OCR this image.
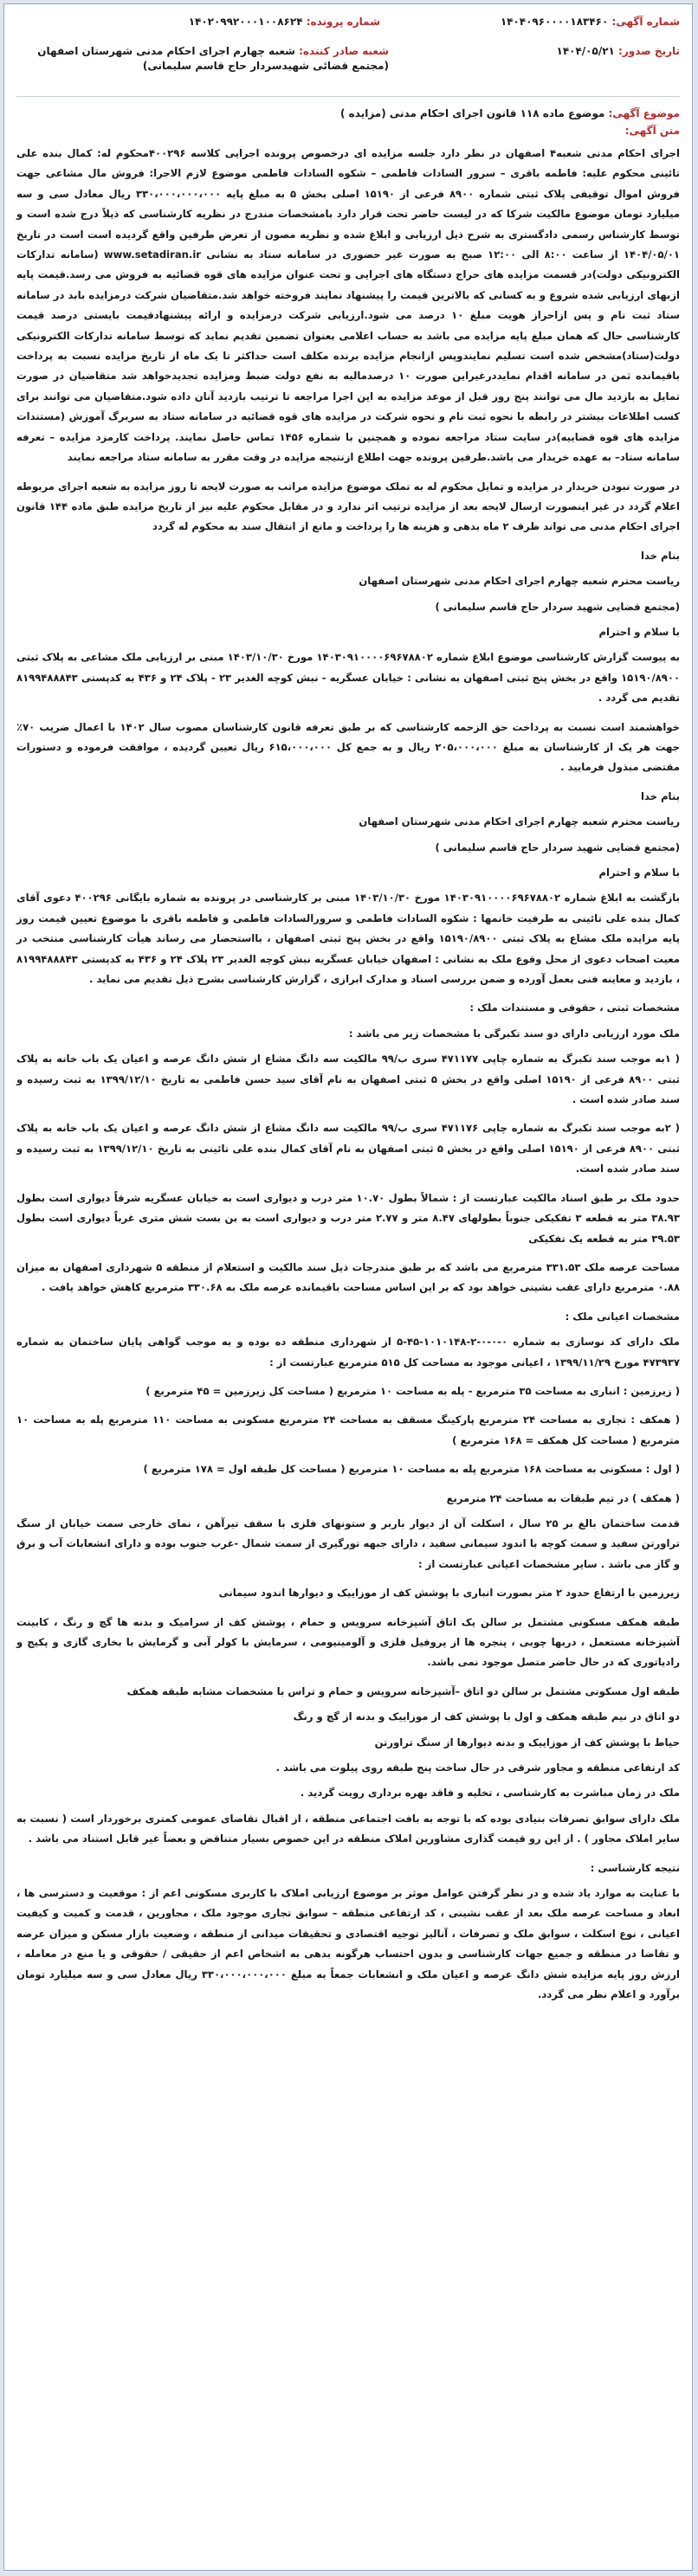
شماره آگهی: ۱۴۰۴۰۹۶۰۰۰۰۱۸۳۴۶۰
تاریخ صدور: ۱۴۰۴/۰۵/۲۱
شماره پرونده: ۱۴۰۲۰۹۹۲۰۰۰۱۰۰۸۶۲۴
شعبه صادر کننده: شعبه چهارم اجرای احکام مدنی شهرستان اصفهان (مجتمع قضائی شهیدسردار حاج قاسم سلیمانی)
موضوع آگهی: موضوع ماده ۱۱۸ قانون اجرای احکام مدنی (مزایده )
متن آگهی:
اجرای احکام مدنی شعبه۴ اصفهان در نظر دارد جلسه مزایده ای درخصوص پرونده اجرایی کلاسه ۴۰۰۲۹۶محکوم له: کمال بنده علی تائینی محکوم علیه: فاطمه باقری – سرور السادات فاطمی – شکوه السادات فاطمی موضوع لازم الاجرا: فروش مال مشاعی جهت فروش اموال توقیفی پلاک ثبتی شماره ۸۹۰۰ فرعی از ۱۵۱۹۰ اصلی بخش ۵ به مبلغ پایه ۳۳۰،۰۰۰،۰۰۰،۰۰۰ ریال معادل سی و سه میلیارد تومان موضوع مالکیت شرکا که در لیست حاضر تحت قرار دارد بامشخصات مندرج در نظریه کارشناسی که ذیلاً درج شده است و توسط کارشناس رسمی دادگستری به شرح ذیل ارزیابی و ابلاغ شده و نظریه مصون از تعرض طرفین واقع گردیده است است در تاریخ ۱۴۰۴/۰۵/۰۱ از ساعت ۸:۰۰ الی ۱۲:۰۰ صبح به صورت غیر حضوری در سامانه ستاد به نشانی www.setadiran.ir (سامانه تدارکات الکترونیکی دولت)در قسمت مزایده های حراج دستگاه های اجرایی و تحت عنوان مزایده های قوه قضائیه به فروش می رسد.قیمت پایه ازبهای ارزیابی شده شروع و به کسانی که بالاترین قیمت را پیشنهاد نمایند فروخته خواهد شد.متقاضیان شرکت درمزایده بابد در سامانه ستاد ثبت نام و پس ازاحراز هویت مبلغ ۱۰ درصد می شود.ارزیابی شرکت درمزایده و ارائه پیشنهادقیمت بایستی درصد قیمت کارشناسی حال که همان مبلغ پایه مزایده می باشد به حساب اعلامی بعنوان تضمین تقدیم نماید که توسط سامانه تدارکات الکترونیکی دولت(ستاد)مشخص شده است تسلیم نمایندوپس ازانجام مزایده برنده مکلف است حداکثر تا یک ماه از تاریخ مزایده نسبت به پرداخت باقیمانده ثمن در سامانه اقدام نمایددرغیراین صورت ۱۰ درصدمالیه به نفع دولت ضبط ومزایده تجدیدخواهد شد متقاضیان در صورت تمایل به بازدید مال می توانند پنج روز قبل از موعد مزایده به این اجرا مراجعه تا ترتیب بازدید آنان داده شود.متقاضیان می توانند برای کسب اطلاعات بیشتر در رابطه با نحوه ثبت نام و نحوه شرکت در مزایده های قوه قضائیه در سامانه ستاد به سربرگ آموزش (مستندات مزایده های قوه قضاییه)در سایت ستاد مراجعه نموده و همچنین با شماره ۱۴۵۶ تماس حاصل نمایند. پرداخت کارمزد مزایده – تعرفه سامانه ستاد– به عهده خریدار می باشد.طرفین پرونده جهت اطلاع ازنتیجه مزایده در وقت مقرر به سامانه ستاد مراجعه نمایند
در صورت نبودن خریدار در مزایده و تمایل محکوم له به تملک موضوع مزایده مراتب به صورت لایحه تا روز مزایده به شعبه اجرای مربوطه اعلام گردد در غیر اینصورت ارسال لایحه بعد از مزایده ترتیب اثر ندارد و در مقابل محکوم علیه نیز از تاریخ مزایده طبق ماده ۱۴۴ قانون اجرای احکام مدنی می تواند ظرف ۲ ماه بدهی و هزینه ها را پرداخت و مانع از انتقال سند به محکوم له گردد
بنام خدا
ریاست محترم شعبه چهارم اجرای احکام مدنی شهرستان اصفهان
(مجتمع قضایی شهید سردار حاج قاسم سلیمانی )
با سلام و احترام
به پیوست گزارش کارشناسی موضوع ابلاغ شماره ۱۴۰۳۰۹۱۰۰۰۰۶۹۶۷۸۸۰۲ مورخ ۱۴۰۳/۱۰/۳۰ مبنی بر ارزیابی ملک مشاعی به پلاک ثبتی ۱۵۱۹۰/۸۹۰۰ واقع در بخش پنج ثبتی اصفهان به نشانی : خیابان عسگریه - نبش کوچه الغدیر ۲۳ - پلاک ۲۴ و ۴۳۶ به کدپستی ۸۱۹۹۴۸۸۸۴۳ تقدیم می گردد .
خواهشمند است نسبت به پرداخت حق الزحمه کارشناسی که بر طبق تعرفه قانون کارشناسان مصوب سال ۱۴۰۲ با اعمال ضریب ۷۰٪ جهت هر یک از کارشناسان به مبلغ ۲۰۵،۰۰۰،۰۰۰ ریال و به جمع کل ۶۱۵،۰۰۰،۰۰۰ ریال تعیین گردیده ، موافقت فرموده و دستورات مقتضی مبذول فرمایید .
بنام خدا
ریاست محترم شعبه چهارم اجرای احکام مدنی شهرستان اصفهان
(مجتمع قضایی شهید سردار حاج قاسم سلیمانی )
با سلام و احترام
بازگشت به ابلاغ شماره ۱۴۰۳۰۹۱۰۰۰۰۶۹۶۷۸۸۰۲ مورخ ۱۴۰۳/۱۰/۳۰ مبنی بر کارشناسی در پرونده به شماره بایگانی ۴۰۰۲۹۶ دعوی آقای کمال بنده علی تائینی به طرفیت خانمها : شکوه السادات فاطمی و سرورالسادات فاطمی و فاطمه باقری با موضوع تعیین قیمت روز پایه مزایده ملک مشاع به پلاک ثبتی ۱۵۱۹۰/۸۹۰۰ واقع در بخش پنج ثبتی اصفهان ، بااستحضار می رساند هیأت کارشناسی منتخب در معیت اصحاب دعوی از محل وقوع ملک به نشانی : اصفهان خیابان عسگریه نبش کوچه الغدیر ۲۳ پلاک ۲۴ و ۴۳۶ به کدپستی ۸۱۹۹۴۸۸۸۴۳ ، بازدید و معاینه فنی بعمل آورده و ضمن بررسی اسناد و مدارک ابرازی ، گزارش کارشناسی بشرح ذیل تقدیم می نماید .
مشخصات ثبتی ، حقوقی و مستندات ملک :
ملک مورد ارزیابی دارای دو سند تکبرگی با مشخصات زیر می باشد :
( ۱به موجب سند تکبرگ به شماره چاپی ۴۷۱۱۷۷ سری ب/۹۹ مالکیت سه دانگ مشاع از شش دانگ عرصه و اعیان یک باب خانه به پلاک ثبتی ۸۹۰۰ فرعی از ۱۵۱۹۰ اصلی واقع در بخش ۵ ثبتی اصفهان به نام آقای سید حسن فاطمی به تاریخ ۱۳۹۹/۱۲/۱۰ به ثبت رسیده و سند صادر شده است .
( ۲به موجب سند تکبرگ به شماره چاپی ۴۷۱۱۷۶ سری ب/۹۹ مالکیت سه دانگ مشاع از شش دانگ عرصه و اعیان یک باب خانه به پلاک ثبتی ۸۹۰۰ فرعی از ۱۵۱۹۰ اصلی واقع در بخش ۵ ثبتی اصفهان به نام آقای کمال بنده علی تائینی به تاریخ ۱۳۹۹/۱۲/۱۰ به ثبت رسیده و سند صادر شده است.
حدود ملک بر طبق اسناد مالکیت عبارتست از : شمالاً بطول ۱۰.۷۰ متر درب و دیواری است به خیابان عسگریه شرقاً دیواری است بطول ۳۸.۹۳ متر به قطعه ۳ تفکیکی جنوباً بطولهای ۸.۴۷ متر و ۲.۷۷ متر درب و دیواری است به بن بست شش متری غرباً دیواری است بطول ۳۹.۵۳ متر به قطعه یک تفکیکی
مساحت عرصه ملک ۳۳۱.۵۳ مترمربع می باشد که بر طبق مندرجات ذیل سند مالکیت و استعلام از منطقه ۵ شهرداری اصفهان به میزان ۰.۸۸ مترمربع دارای عقب نشینی خواهد بود که بر این اساس مساحت باقیمانده عرصه ملک به ۳۳۰.۶۸ مترمربع کاهش خواهد یافت .
مشخصات اعیانی ملک :
ملک دارای کد نوسازی به شماره ۰-۰-۰-۲-۱۰۱۰۱۴۸-۴۵-۵ از شهرداری منطقه ده بوده و به موجب گواهی پایان ساختمان به شماره ۴۷۳۹۳۷ مورخ ۱۳۹۹/۱۱/۲۹ ، اعیانی موجود به مساحت کل ۵۱۵ مترمربع عبارتست از :
( زیرزمین : انباری به مساحت ۳۵ مترمربع - پله به مساحت ۱۰ مترمربع ( مساحت کل زیرزمین = ۴۵ مترمربع )
( همکف : تجاری به مساحت ۲۴ مترمربع پارکینگ مسقف به مساحت ۲۴ مترمربع مسکونی به مساحت ۱۱۰ مترمربع پله به مساحت ۱۰ مترمربع ( مساحت کل همکف = ۱۶۸ مترمربع )
( اول : مسکونی به مساحت ۱۶۸ مترمربع پله به مساحت ۱۰ مترمربع ( مساحت کل طبقه اول = ۱۷۸ مترمربع )
( همکف ) در تیم طبقات به مساحت ۲۴ مترمربع
قدمت ساختمان بالغ بر ۲۵ سال ، اسکلت آن از دیوار باربر و ستونهای فلزی با سقف تیرآهن ، نمای خارجی سمت خیابان از سنگ تراورتن سفید و سمت کوچه با اندود سیمانی سفید ، دارای جبهه تورگیری از سمت شمال -غرب جنوب بوده و دارای انشعابات آب و برق و گاز می باشد . سایر مشخصات اعیانی عبارتست از :
زیرزمین با ارتفاع حدود ۲ متر بصورت انباری با پوشش کف از موزاییک و دیوارها اندود سیمانی
طبقه همکف مسکونی مشتمل بر سالن یک اتاق آشپزخانه سرویس و حمام ، پوشش کف از سرامیک و بدنه ها گچ و رنگ ، کابینت آشپزخانه مستعمل ، دربها چوبی ، پنجره ها از پروفیل فلزی و آلومینیومی ، سرمایش با کولر آبی و گرمایش با بخاری گازی و پکیج و رادیاتوری که در حال حاضر متصل موجود نمی باشد.
طبقه اول مسکونی مشتمل بر سالن دو اتاق –آشپزخانه سرویس و حمام و تراس با مشخصات مشابه طبقه همکف
دو اتاق در نیم طبقه همکف و اول با پوشش کف از موزاییک و بدنه از گچ و رنگ
حیاط با پوشش کف از موزاییک و بدنه دیوارها از سنگ تراورتن
کد ارتفاعی منطقه و مجاور شرقی در حال ساخت پنج طبقه روی پیلوت می باشد .
ملک در زمان مباشرت به کارشناسی ، تخلیه و فاقد بهره برداری رویت گردید .
ملک دارای سوابق تصرفات بنیادی بوده که با توجه به بافت اجتماعی منطقه ، از اقبال تقاضای عمومی کمتری برخوردار است ( نسبت به سایر املاک مجاور ) . از این رو قیمت گذاری مشاورین املاک منطقه در این خصوص بسیار متناقض و بعضاً غیر قابل استناد می باشد .
نتیجه کارشناسی :
با عنایت به موارد یاد شده و در نظر گرفتن عوامل موثر بر موضوع ارزیابی املاک با کاربری مسکونی اعم از : موقعیت و دسترسی ها ، ابعاد و مساحت عرصه ملک بعد از عقب نشینی ، کد ارتفاعی منطقه – سوابق تجاری موجود ملک ، مجاورین ، قدمت و کمیت و کیفیت اعیانی ، نوع اسکلت ، سوابق ملک و تصرفات ، آنالیز توجیه اقتصادی و تحقیقات میدانی از منطقه ، وضعیت بازار مسکن و میزان عرضه و تقاضا در منطقه و جمیع جهات کارشناسی و بدون احتساب هرگونه بدهی به اشخاص اعم از حقیقی / حقوقی و یا منع در معامله ، ارزش روز پایه مزایده شش دانگ عرصه و اعیان ملک و انشعابات جمعاً به مبلغ ۳۳۰،۰۰۰،۰۰۰،۰۰۰ ریال معادل سی و سه میلیارد تومان برآورد و اعلام نظر می گردد.
